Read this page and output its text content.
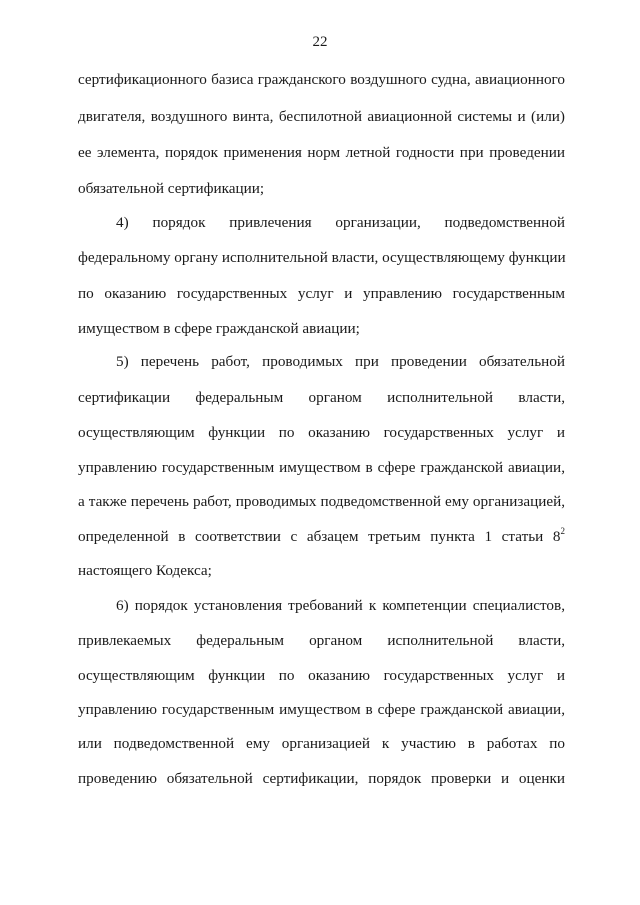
22
сертификационного базиса гражданского воздушного судна, авиационного
двигателя, воздушного винта, беспилотной авиационной системы и (или)
ее элемента, порядок применения норм летной годности при проведении
обязательной сертификации;
4) порядок привлечения организации, подведомственной
федеральному органу исполнительной власти, осуществляющему функции
по оказанию государственных услуг и управлению государственным
имуществом в сфере гражданской авиации;
5) перечень работ, проводимых при проведении обязательной
сертификации федеральным органом исполнительной власти,
осуществляющим функции по оказанию государственных услуг и
управлению государственным имуществом в сфере гражданской авиации,
а также перечень работ, проводимых подведомственной ему организацией,
определенной в соответствии с абзацем третьим пункта 1 статьи $8^2$
настоящего Кодекса;
6) порядок установления требований к компетенции специалистов,
привлекаемых федеральным органом исполнительной власти,
осуществляющим функции по оказанию государственных услуг и
управлению государственным имуществом в сфере гражданской авиации,
или подведомственной ему организацией к участию в работах по
проведению обязательной сертификации, порядок проверки и оценки
